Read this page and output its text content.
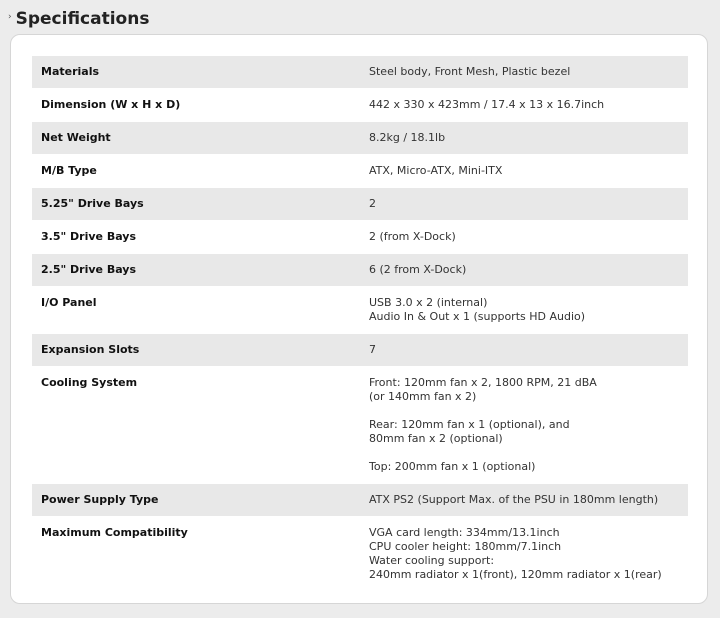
› Specifications
Materials	Steel body, Front Mesh, Plastic bezel
Dimension (W x H x D)	442 x 330 x 423mm / 17.4 x 13 x 16.7inch
Net Weight	8.2kg / 18.1lb
M/B Type	ATX, Micro-ATX, Mini-ITX
5.25" Drive Bays	2
3.5" Drive Bays	2 (from X-Dock)
2.5" Drive Bays	6 (2 from X-Dock)
I/O Panel	USB 3.0 x 2 (internal)
Audio In & Out x 1 (supports HD Audio)
Expansion Slots	7
Cooling System	Front: 120mm fan x 2, 1800 RPM, 21 dBA
(or 140mm fan x 2)

Rear: 120mm fan x 1 (optional), and
80mm fan x 2 (optional)

Top: 200mm fan x 1 (optional)
Power Supply Type	ATX PS2 (Support Max. of the PSU in 180mm length)
Maximum Compatibility	VGA card length: 334mm/13.1inch
CPU cooler height: 180mm/7.1inch
Water cooling support:
240mm radiator x 1(front), 120mm radiator x 1(rear)
